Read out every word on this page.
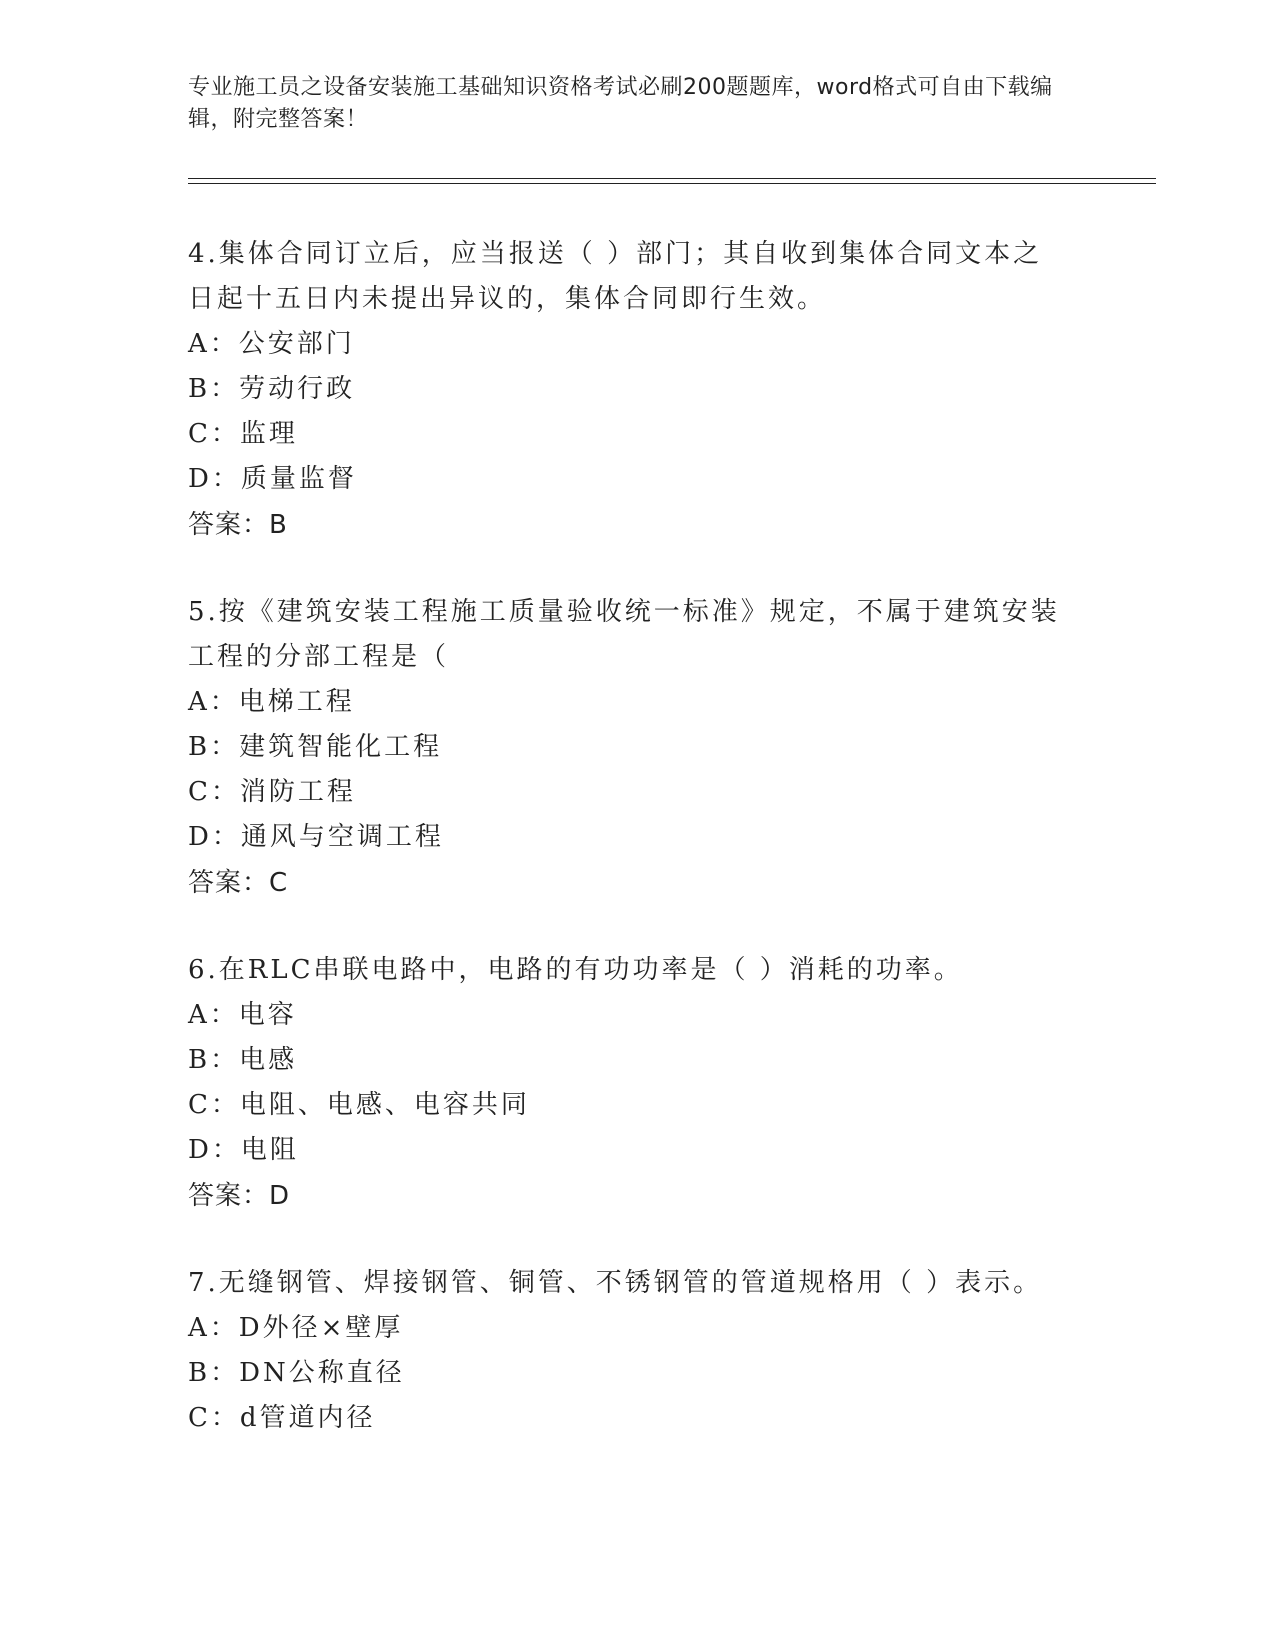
专业施工员之设备安装施工基础知识资格考试必刷200题题库，word格式可自由下载编辑，附完整答案！

4.集体合同订立后，应当报送（ ）部门；其自收到集体合同文本之日起十五日内未提出异议的，集体合同即行生效。

A：公安部门

B：劳动行政

C：监理

D：质量监督

答案：B

5.按《建筑安装工程施工质量验收统一标准》规定，不属于建筑安装工程的分部工程是（

A：电梯工程

B：建筑智能化工程

C：消防工程

D：通风与空调工程

答案：C

6.在RLC串联电路中，电路的有功功率是（ ）消耗的功率。

A：电容

B：电感

C：电阻、电感、电容共同

D：电阻

答案：D

7.无缝钢管、焊接钢管、铜管、不锈钢管的管道规格用（ ）表示。

A：D外径×壁厚

B：DN公称直径

C：d管道内径
